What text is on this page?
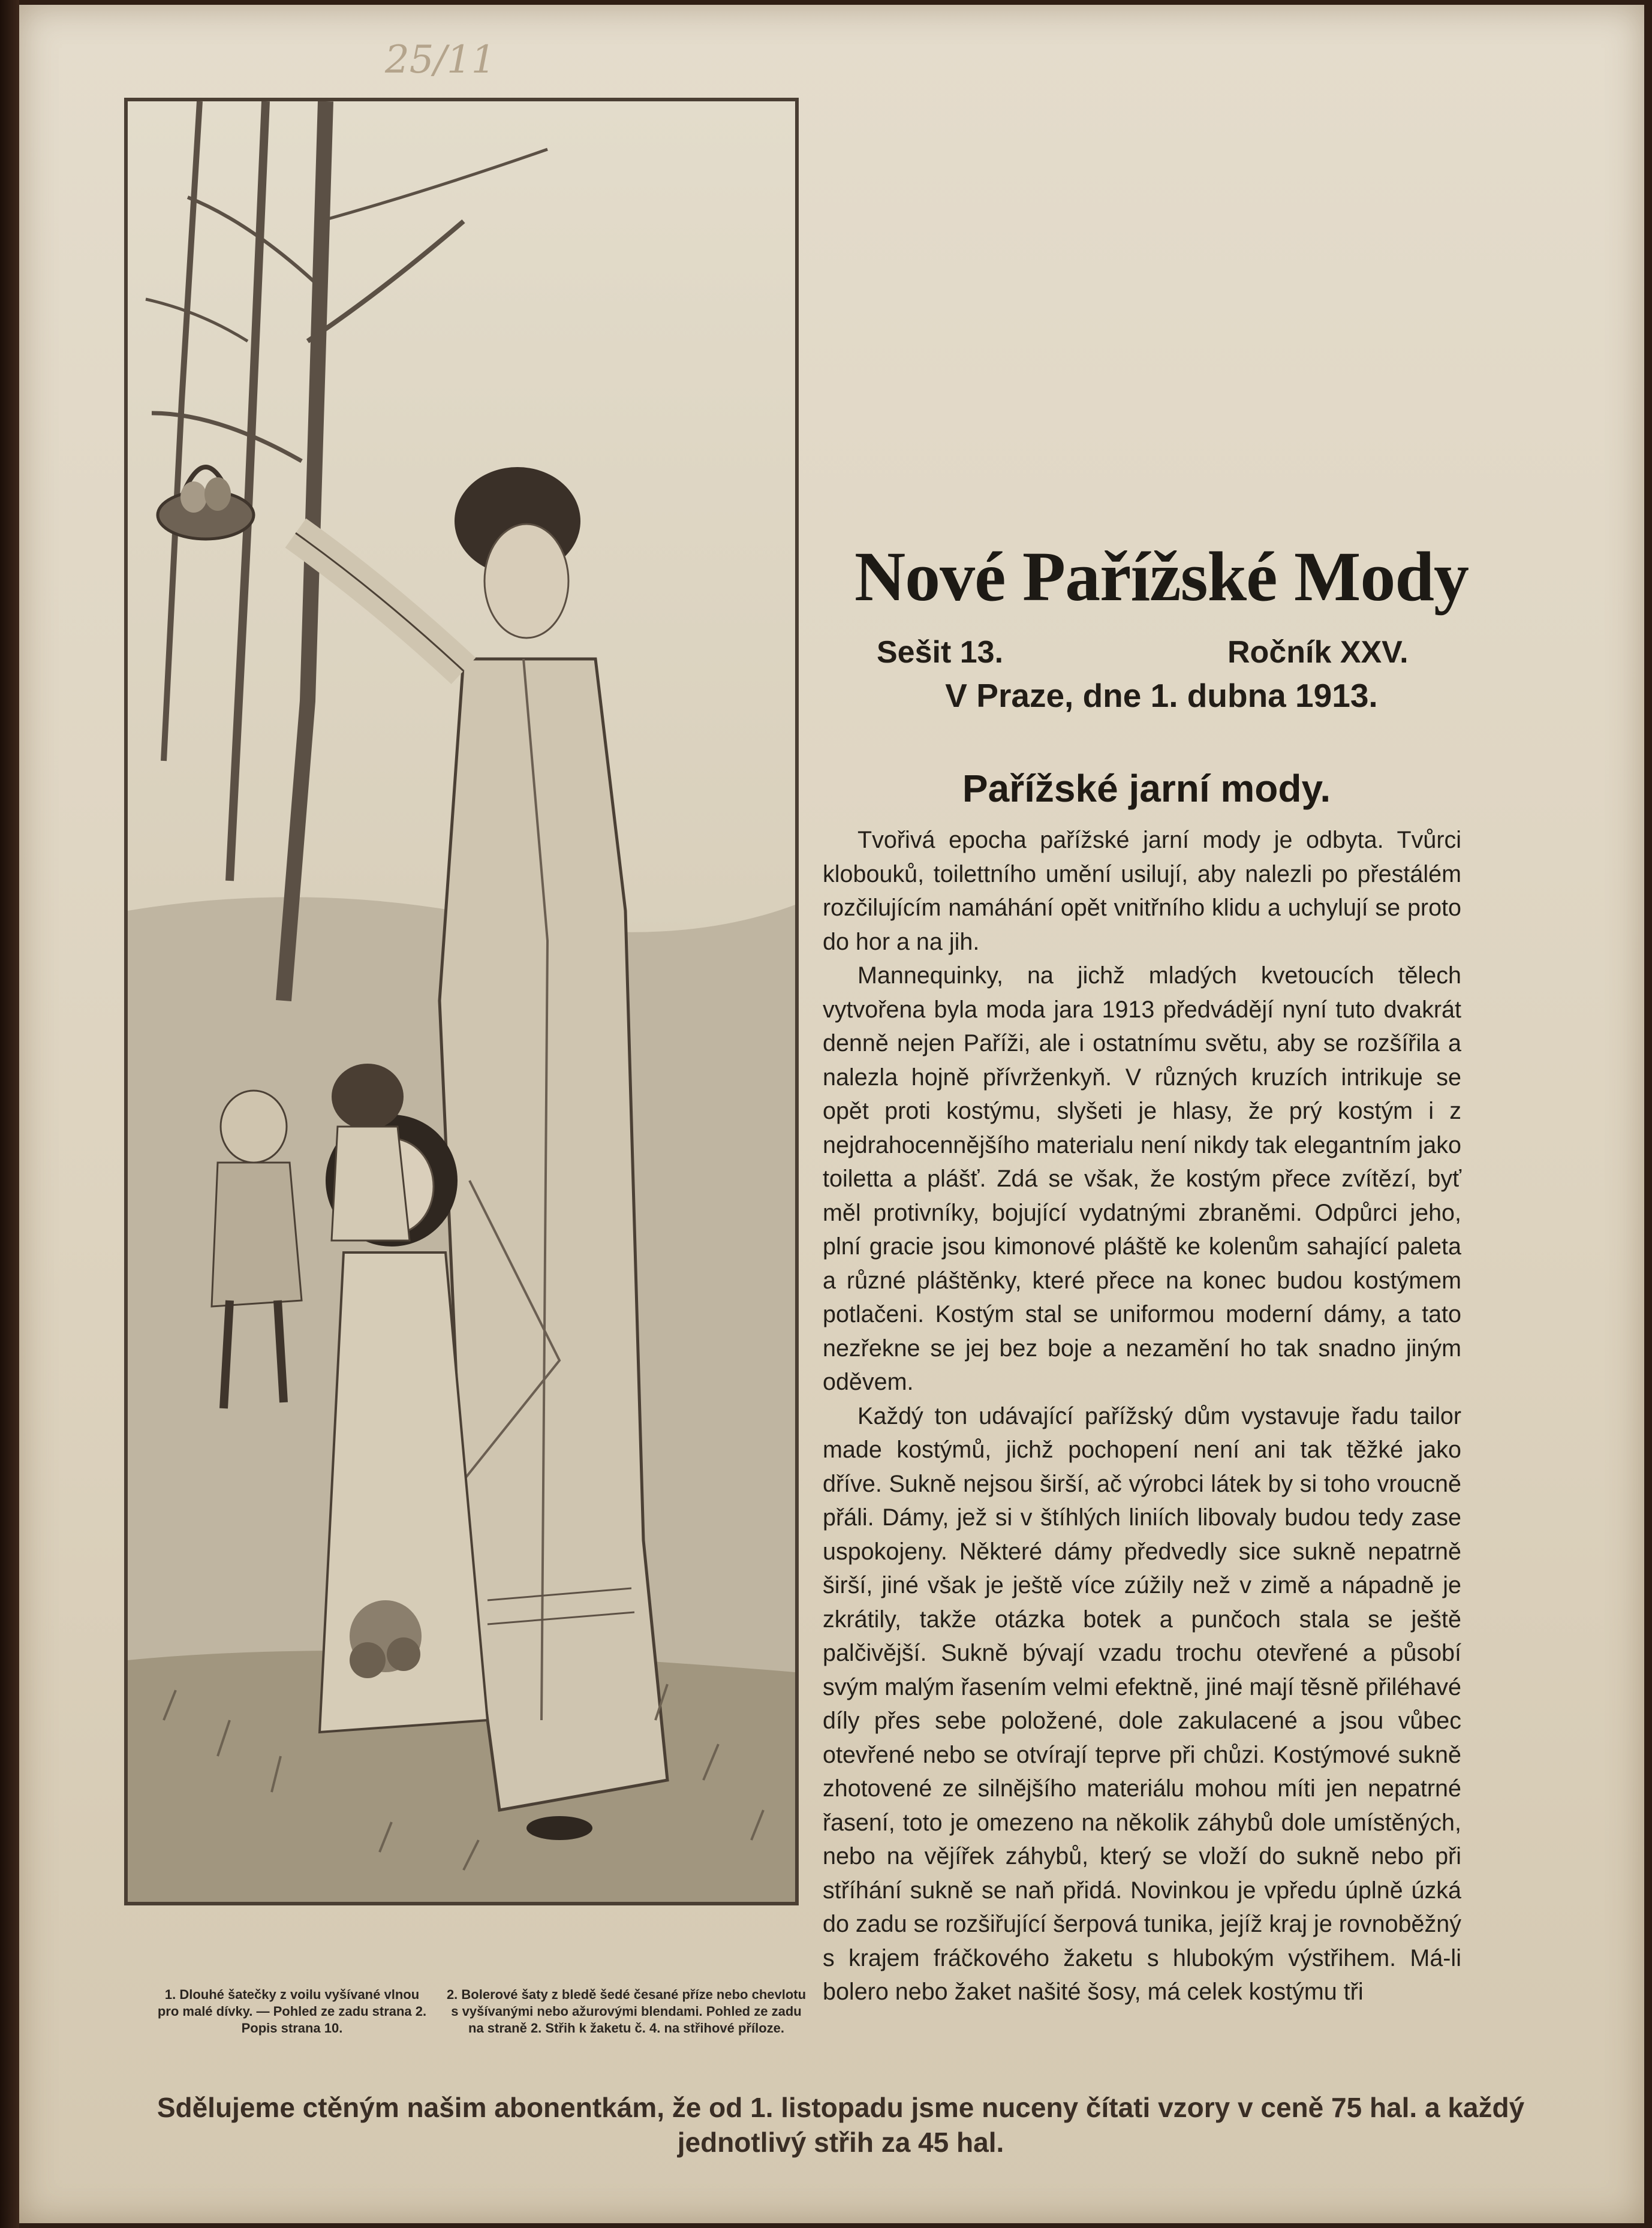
25/11
1. Dlouhé šatečky z voilu vyšívané vlnou pro malé dívky. — Pohled ze zadu strana 2. Popis strana 10.
2. Bolerové šaty z bledě šedé česané příze nebo chevlotu s vyšívanými nebo ažurovými blendami. Pohled ze zadu na straně 2. Střih k žaketu č. 4. na střihové příloze.
Nové Pařížské Mody
Sešit 13.	Ročník XXV.
V Praze, dne 1. dubna 1913.
Pařížské jarní mody.

Tvořivá epocha pařížské jarní mody je odbyta. Tvůrci klobouků, toilettního umění usilují, aby nalezli po přestálém rozčilujícím namáhání opět vnitřního klidu a uchylují se proto do hor a na jih.

Mannequinky, na jichž mladých kvetoucích tělech vytvořena byla moda jara 1913 předvádějí nyní tuto dvakrát denně nejen Paříži, ale i ostatnímu světu, aby se rozšířila a nalezla hojně přívrženkyň. V různých kruzích intrikuje se opět proti kostýmu, slyšeti je hlasy, že prý kostým i z nejdrahocennějšího materialu není nikdy tak elegantním jako toiletta a plášť. Zdá se však, že kostým přece zvítězí, byť měl protivníky, bojující vydatnými zbraněmi. Odpůrci jeho, plní gracie jsou kimonové pláště ke kolenům sahající paleta a různé pláštěnky, které přece na konec budou kostýmem potlačeni. Kostým stal se uniformou moderní dámy, a tato nezřekne se jej bez boje a nezamění ho tak snadno jiným oděvem.

Každý ton udávající pařížský dům vystavuje řadu tailor made kostýmů, jichž pochopení není ani tak těžké jako dříve. Sukně nejsou širší, ač výrobci látek by si toho vroucně přáli. Dámy, jež si v štíhlých liniích libovaly budou tedy zase uspokojeny. Některé dámy předvedly sice sukně nepatrně širší, jiné však je ještě více zúžily než v zimě a nápadně je zkrátily, takže otázka botek a punčoch stala se ještě palčivější. Sukně bývají vzadu trochu otevřené a působí svým malým řasením velmi efektně, jiné mají těsně přiléhavé díly přes sebe položené, dole zakulacené a jsou vůbec otevřené nebo se otvírají teprve při chůzi. Kostýmové sukně zhotovené ze silnějšího materiálu mohou míti jen nepatrné řasení, toto je omezeno na několik záhybů dole umístěných, nebo na vějířek záhybů, který se vloží do sukně nebo při stříhání sukně se naň přidá. Novinkou je vpředu úplně úzká do zadu se rozšiřující šerpová tunika, jejíž kraj je rovnoběžný s krajem fráčkového žaketu s hlubokým výstřihem. Má-li bolero nebo žaket našité šosy, má celek kostýmu tři

Sdělujeme ctěným našim abonentkám, že od 1. listopadu jsme nuceny čítati vzory v ceně 75 hal. a každý jednotlivý střih za 45 hal.
